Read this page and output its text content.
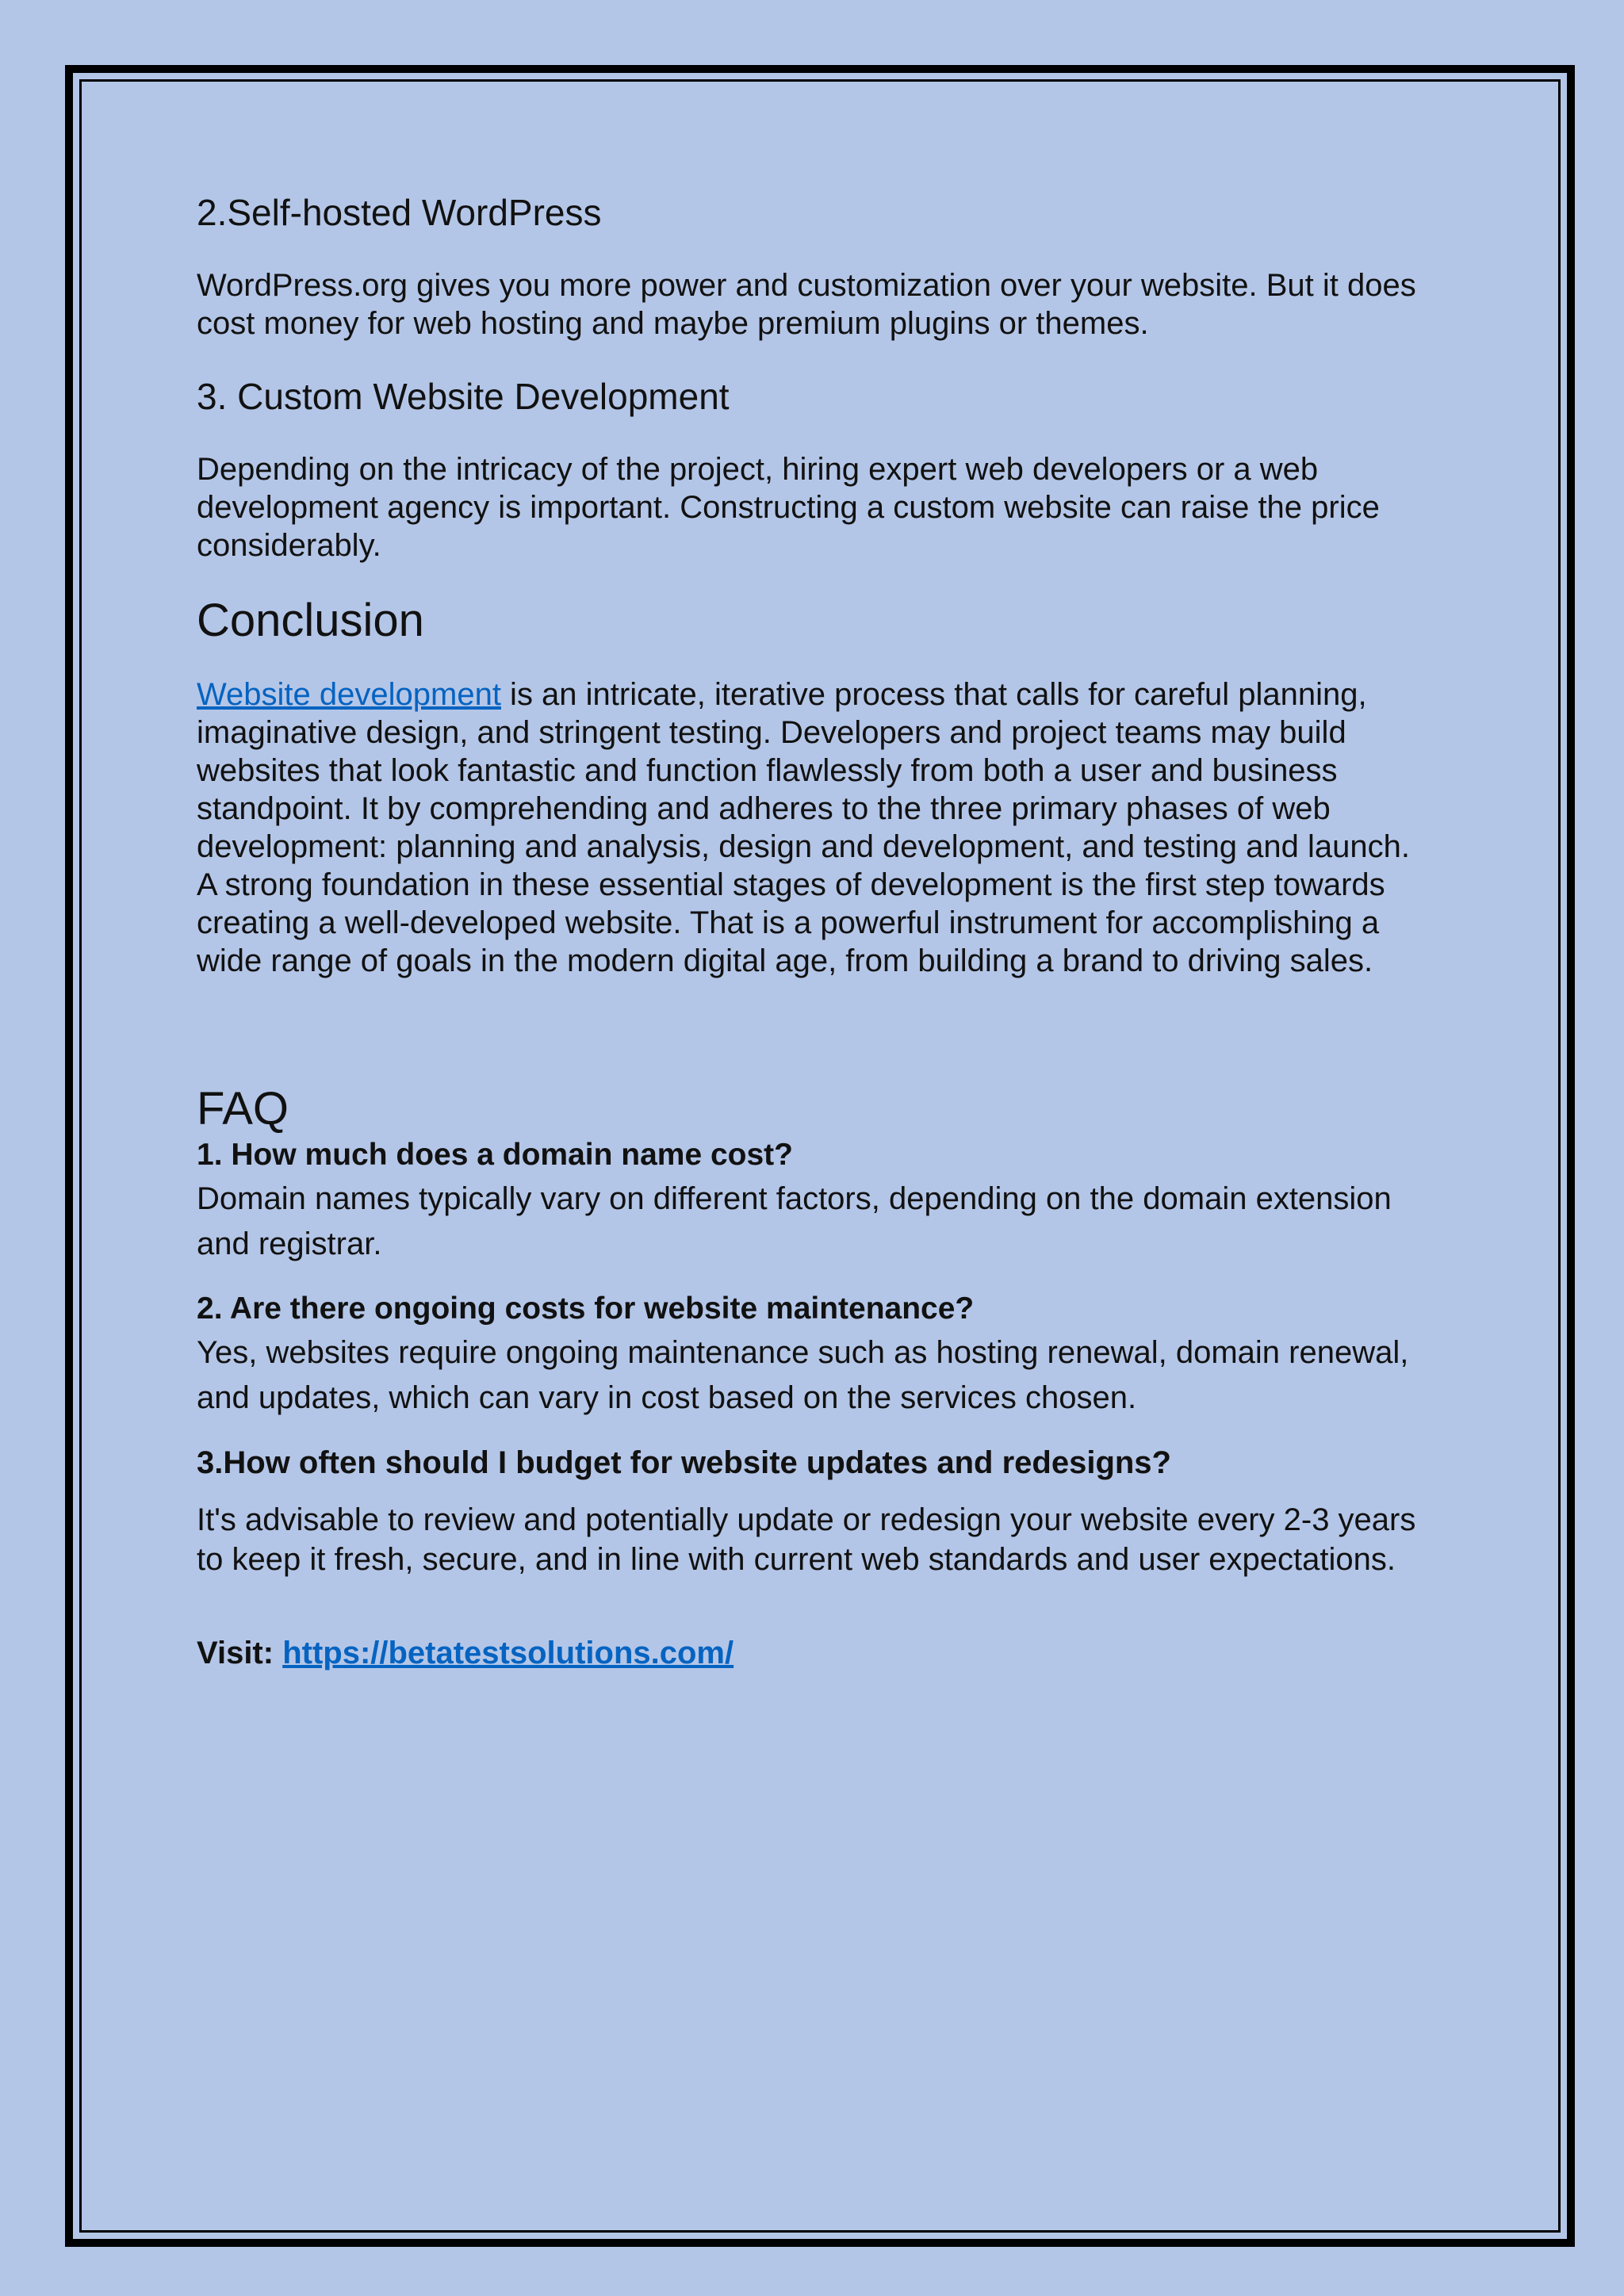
2.Self-hosted WordPress

WordPress.org gives you more power and customization over your website. But it does cost money for web hosting and maybe premium plugins or themes.

3. Custom Website Development

Depending on the intricacy of the project, hiring expert web developers or a web development agency is important. Constructing a custom website can raise the price considerably.

Conclusion

Website development is an intricate, iterative process that calls for careful planning, imaginative design, and stringent testing. Developers and project teams may build websites that look fantastic and function flawlessly from both a user and business standpoint. It by comprehending and adheres to the three primary phases of web development: planning and analysis, design and development, and testing and launch. A strong foundation in these essential stages of development is the first step towards creating a well-developed website. That is a powerful instrument for accomplishing a wide range of goals in the modern digital age, from building a brand to driving sales.

FAQ
1. How much does a domain name cost?

Domain names typically vary on different factors, depending on the domain extension and registrar.

2. Are there ongoing costs for website maintenance?

Yes, websites require ongoing maintenance such as hosting renewal, domain renewal, and updates, which can vary in cost based on the services chosen.

3.How often should I budget for website updates and redesigns?

It's advisable to review and potentially update or redesign your website every 2-3 years to keep it fresh, secure, and in line with current web standards and user expectations.

Visit: https://betatestsolutions.com/
